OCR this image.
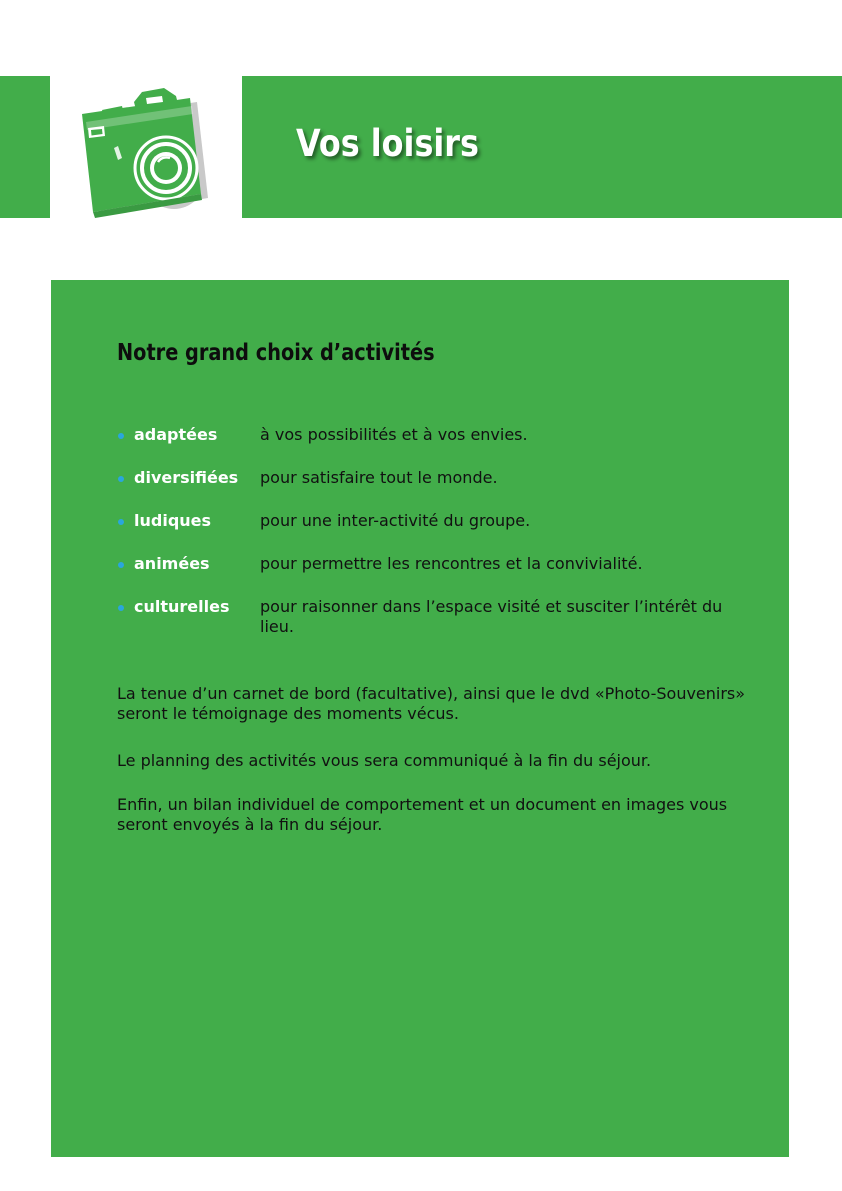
Vos loisirs
Notre grand choix d’activités
adaptées	à vos possibilités et à vos envies.
diversifiées pour satisfaire tout le monde.
ludiques	pour une inter-activité du groupe.
animées	pour permettre les rencontres et la convivialité.
culturelles pour raisonner dans l’espace visité et susciter l’intérêt du lieu.

La tenue d’un carnet de bord (facultative), ainsi que le dvd «Photo-Souvenirs» seront le témoignage des moments vécus.

Le planning des activités vous sera communiqué à la fin du séjour.

Enfin, un bilan individuel de comportement et un document en images vous seront envoyés à la fin du séjour.
